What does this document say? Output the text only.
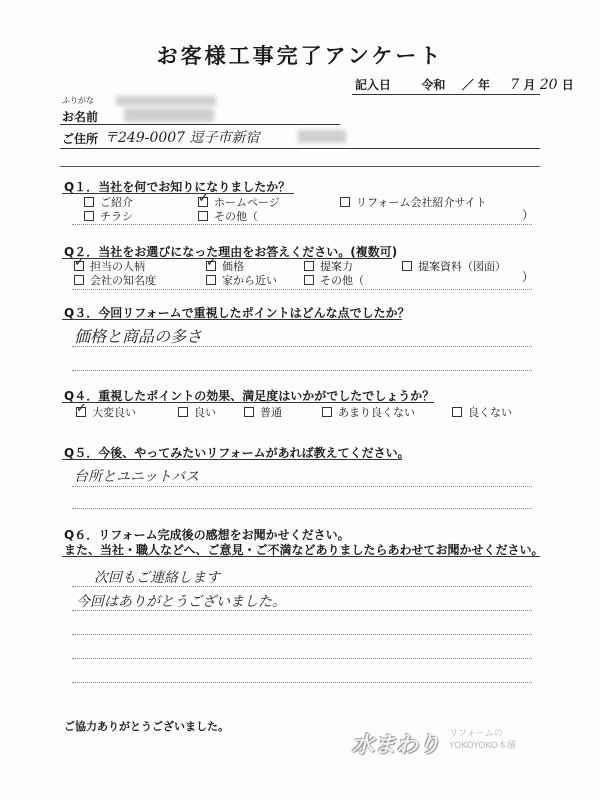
お客様工事完了アンケート
記入日	令和 ／ 年 7 月 20 日
ふりがな
お名前
ご住所 〒249-0007 逗子市新宿
Q１．当社を何でお知りになりましたか？
ご紹介 ✓	ホームページ	リフォーム会社紹介サイト
チラシ	その他（	）
Q２．当社をお選びになった理由をお答えください。(複数可)
✓担当の人柄 ✓	価格	提案力	提案資料（図面）
会社の知名度	家から近い	その他（	）
Q３．今回リフォームで重視したポイントはどんな点でしたか？
価格と商品の多さ
Q４．重視したポイントの効果、満足度はいかがでしたでしょうか？
✓大変良い	良い	普通	あまり良くない	良くない
Q５．今後、やってみたいリフォームがあれば教えてください。
台所とユニットバス
Q６．リフォーム完成後の感想をお聞かせください。
また、当社・職人などへ、ご意見・ご不満などありましたらあわせてお聞かせください。
次回もご連絡します
今回はありがとうございました。
ご協力ありがとうございました。
水まわり リフォームの
YOKOYOKO本舗
